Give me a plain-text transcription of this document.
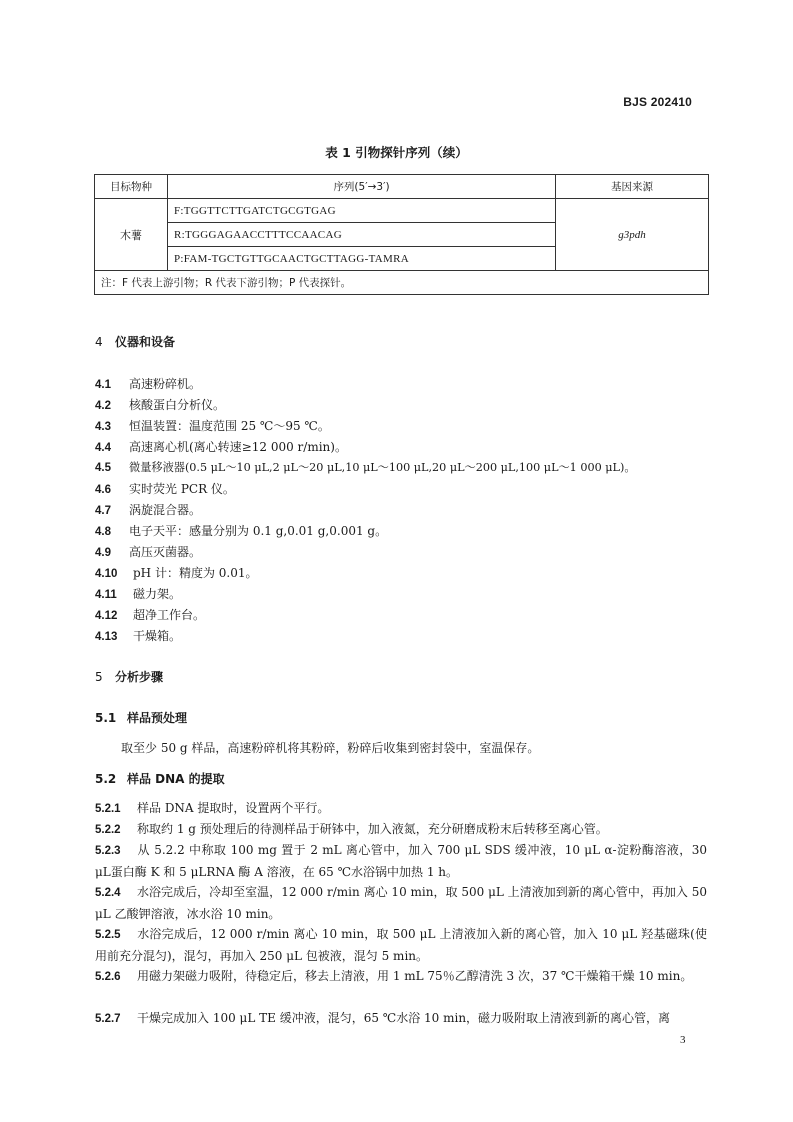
BJS 202410
表 1 引物探针序列（续）
目标物种	序列(5′→3′)	基因来源
木薯	F:TGGTTCTTGATCTGCGTGAG	g3pdh
	R:TGGGAGAACCTTTCCAACAG	
	P:FAM-TGCTGTTGCAACTGCTTAGG-TAMRA	
注：F 代表上游引物；R 代表下游引物；P 代表探针。		
4 仪器和设备
4.1 高速粉碎机。
4.2 核酸蛋白分析仪。
4.3 恒温装置：温度范围 25 ℃～95 ℃。
4.4 高速离心机(离心转速≥12 000 r/min)。
4.5 微量移液器(0.5 μL～10 μL,2 μL～20 μL,10 μL～100 μL,20 μL～200 μL,100 μL～1 000 μL)。
4.6 实时荧光 PCR 仪。
4.7 涡旋混合器。
4.8 电子天平：感量分别为 0.1 g,0.01 g,0.001 g。
4.9 高压灭菌器。
4.10 pH 计：精度为 0.01。
4.11 磁力架。
4.12 超净工作台。
4.13 干燥箱。
5 分析步骤
5.1 样品预处理
取至少 50 g 样品，高速粉碎机将其粉碎，粉碎后收集到密封袋中，室温保存。
5.2 样品 DNA 的提取
5.2.1 样品 DNA 提取时，设置两个平行。
5.2.2 称取约 1 g 预处理后的待测样品于研钵中，加入液氮，充分研磨成粉末后转移至离心管。
5.2.3 从 5.2.2 中称取 100 mg 置于 2 mL 离心管中，加入 700 μL SDS 缓冲液，10 μL α-淀粉酶溶液，30 μL蛋白酶 K 和 5 μLRNA 酶 A 溶液，在 65 ℃水浴锅中加热 1 h。
5.2.4 水浴完成后，冷却至室温，12 000 r/min 离心 10 min，取 500 μL 上清液加到新的离心管中，再加入 50 μL 乙酸钾溶液，冰水浴 10 min。
5.2.5 水浴完成后，12 000 r/min 离心 10 min，取 500 μL 上清液加入新的离心管，加入 10 μL 羟基磁珠(使用前充分混匀)，混匀，再加入 250 μL 包被液，混匀 5 min。
5.2.6 用磁力架磁力吸附，待稳定后，移去上清液，用 1 mL 75％乙醇清洗 3 次，37 ℃干燥箱干燥 10 min。
5.2.7 干燥完成加入 100 μL TE 缓冲液，混匀，65 ℃水浴 10 min，磁力吸附取上清液到新的离心管，离
3
